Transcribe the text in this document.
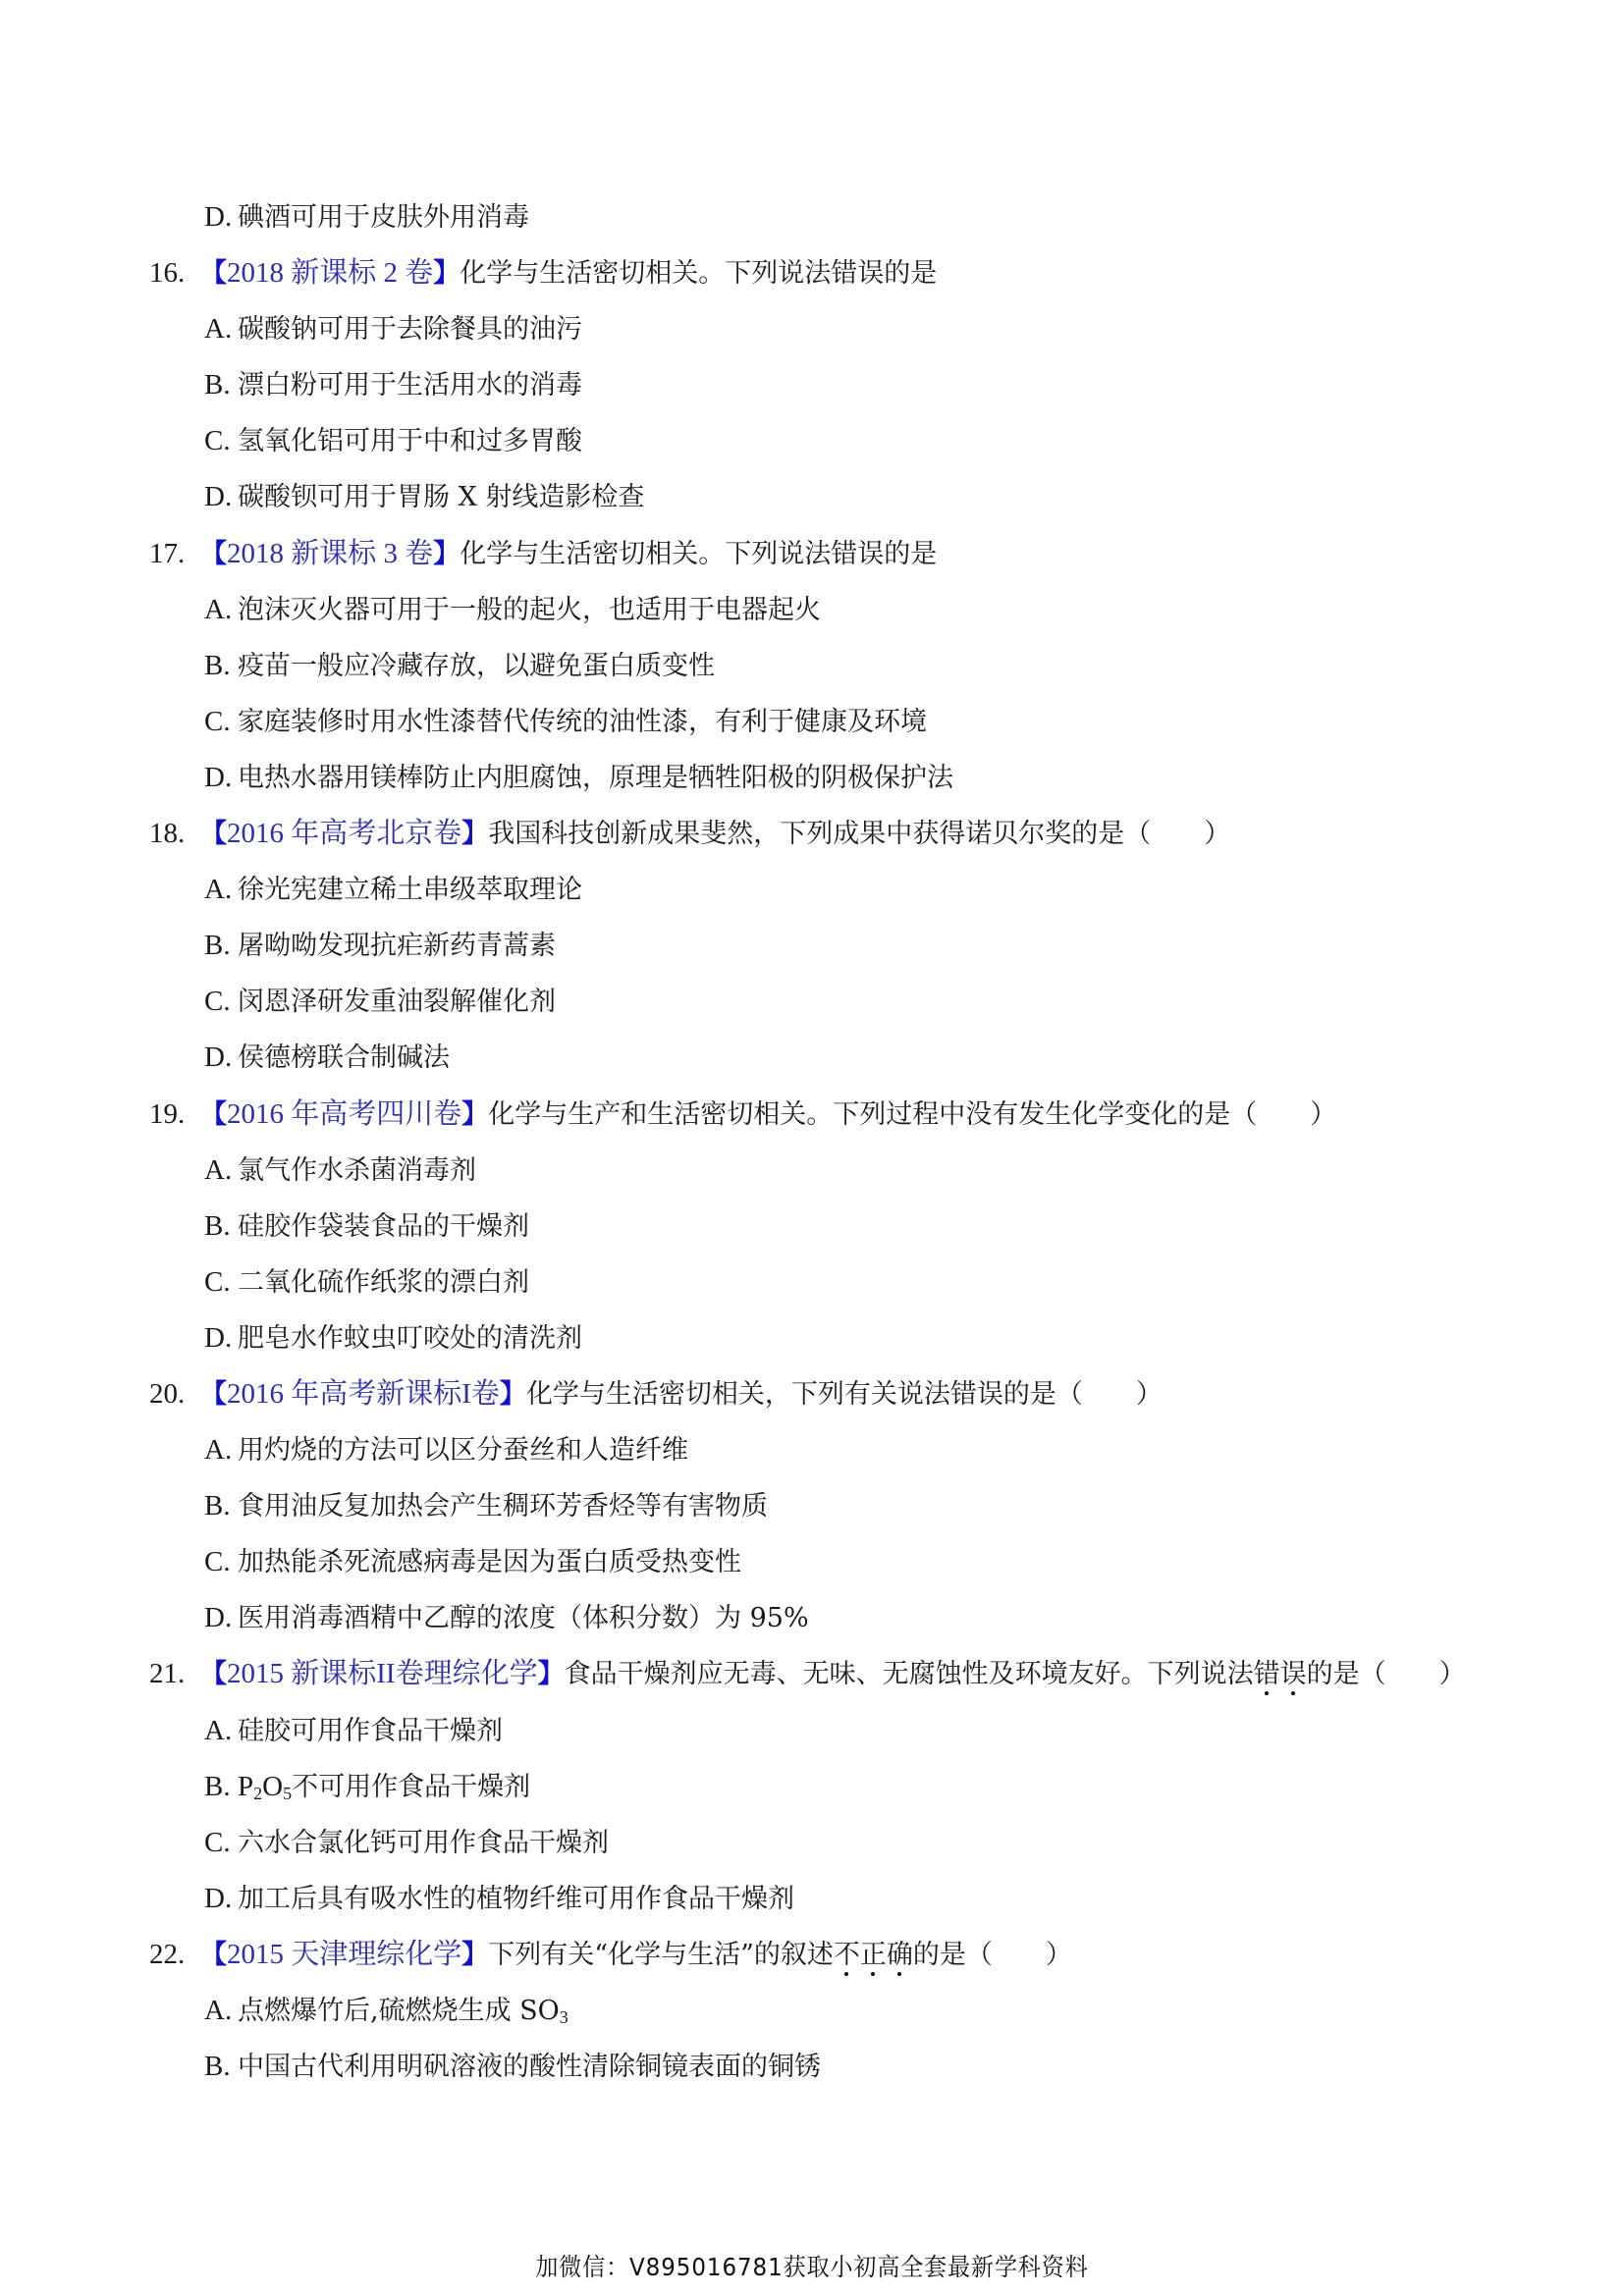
D. 碘酒可用于皮肤外用消毒
16. 【2018 新课标 2 卷】化学与生活密切相关。下列说法错误的是
A. 碳酸钠可用于去除餐具的油污
B. 漂白粉可用于生活用水的消毒
C. 氢氧化铝可用于中和过多胃酸
D. 碳酸钡可用于胃肠 X 射线造影检查
17. 【2018 新课标 3 卷】化学与生活密切相关。下列说法错误的是
A. 泡沫灭火器可用于一般的起火，也适用于电器起火
B. 疫苗一般应冷藏存放，以避免蛋白质变性
C. 家庭装修时用水性漆替代传统的油性漆，有利于健康及环境
D. 电热水器用镁棒防止内胆腐蚀，原理是牺牲阳极的阴极保护法
18. 【2016 年高考北京卷】我国科技创新成果斐然，下列成果中获得诺贝尔奖的是（　　）
A. 徐光宪建立稀土串级萃取理论
B. 屠呦呦发现抗疟新药青蒿素
C. 闵恩泽研发重油裂解催化剂
D. 侯德榜联合制碱法
19. 【2016 年高考四川卷】化学与生产和生活密切相关。下列过程中没有发生化学变化的是（　　）
A. 氯气作水杀菌消毒剂
B. 硅胶作袋装食品的干燥剂
C. 二氧化硫作纸浆的漂白剂
D. 肥皂水作蚊虫叮咬处的清洗剂
20. 【2016 年高考新课标I卷】化学与生活密切相关，下列有关说法错误的是（　　）
A. 用灼烧的方法可以区分蚕丝和人造纤维
B. 食用油反复加热会产生稠环芳香烃等有害物质
C. 加热能杀死流感病毒是因为蛋白质受热变性
D. 医用消毒酒精中乙醇的浓度（体积分数）为 95%
21. 【2015 新课标II卷理综化学】食品干燥剂应无毒、无味、无腐蚀性及环境友好。下列说法错误的是（　　）
A. 硅胶可用作食品干燥剂
B. $P_2O_5$不可用作食品干燥剂
C. 六水合氯化钙可用作食品干燥剂
D. 加工后具有吸水性的植物纤维可用作食品干燥剂
22. 【2015 天津理综化学】下列有关“化学与生活”的叙述不正确的是（　　）
A. 点燃爆竹后,硫燃烧生成 $SO_3$
B. 中国古代利用明矾溶液的酸性清除铜镜表面的铜锈
加微信：V895016781获取小初高全套最新学科资料
